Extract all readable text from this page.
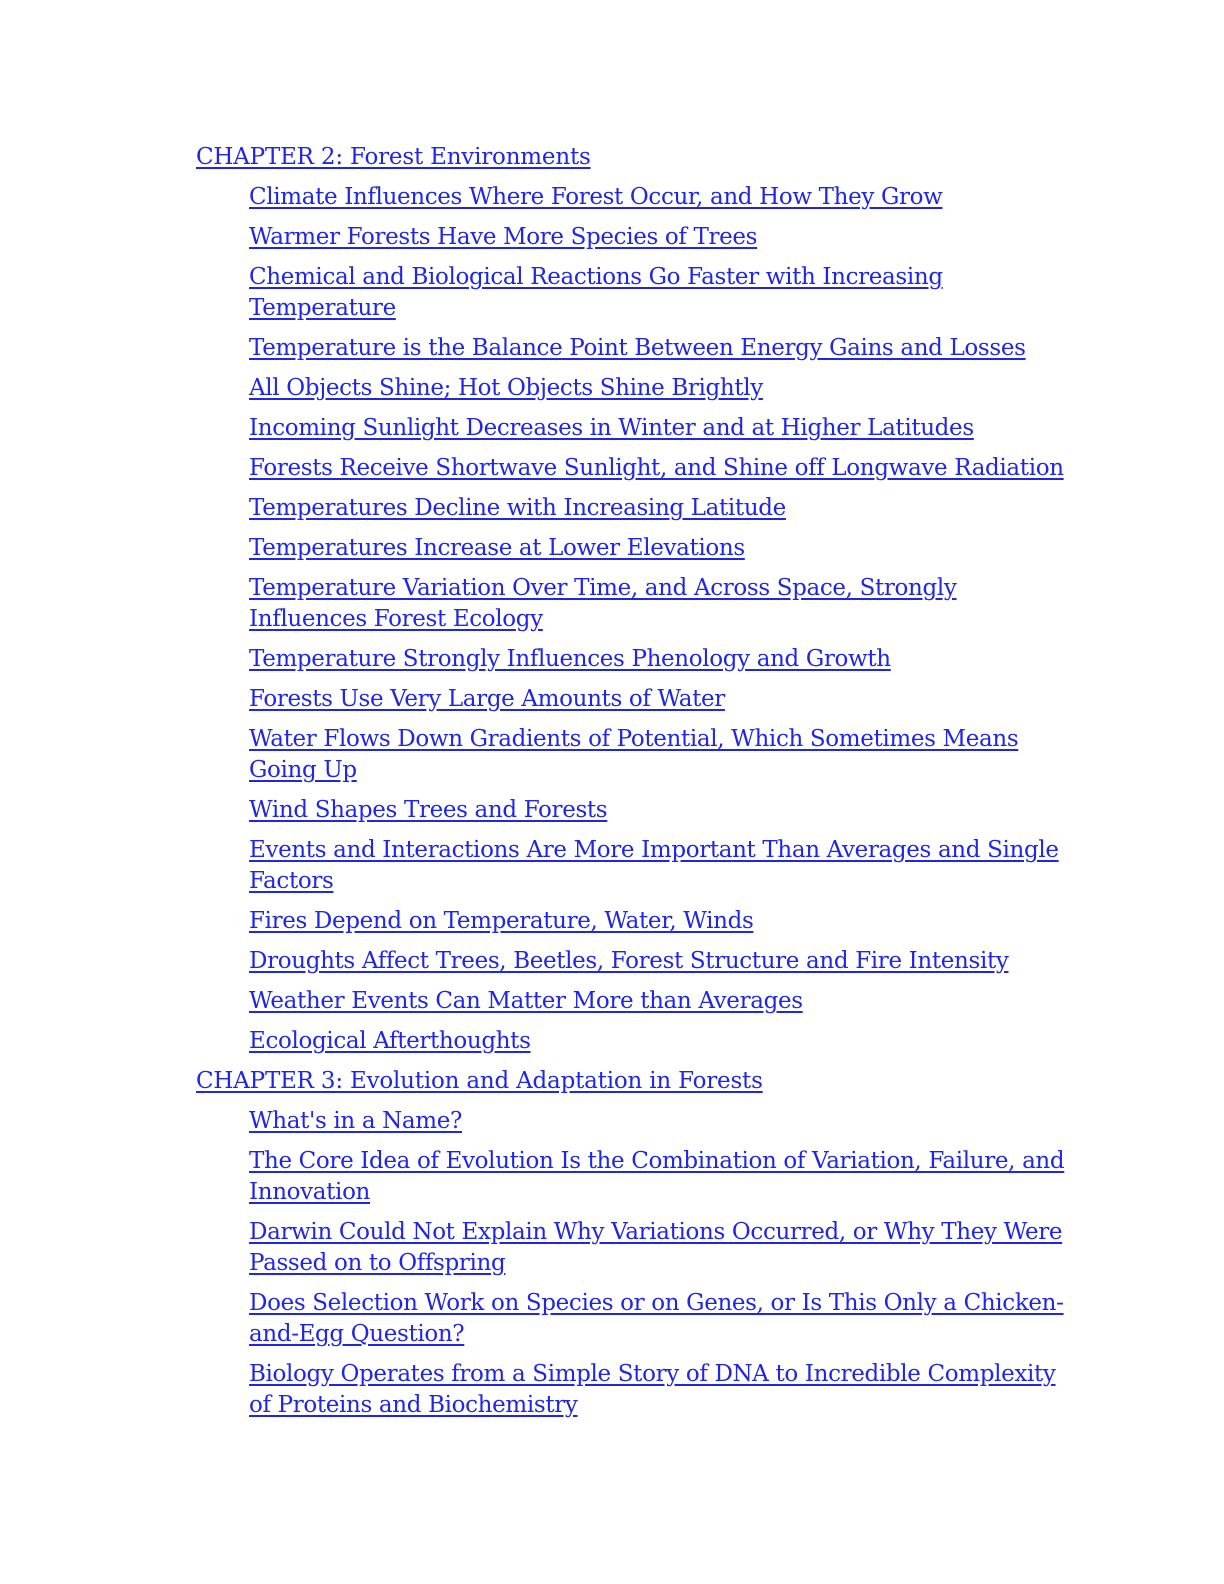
CHAPTER 2: Forest Environments
Climate Influences Where Forest Occur, and How They Grow
Warmer Forests Have More Species of Trees
Chemical and Biological Reactions Go Faster with Increasing Temperature
Temperature is the Balance Point Between Energy Gains and Losses
All Objects Shine; Hot Objects Shine Brightly
Incoming Sunlight Decreases in Winter and at Higher Latitudes
Forests Receive Shortwave Sunlight, and Shine off Longwave Radiation
Temperatures Decline with Increasing Latitude
Temperatures Increase at Lower Elevations
Temperature Variation Over Time, and Across Space, Strongly Influences Forest Ecology
Temperature Strongly Influences Phenology and Growth
Forests Use Very Large Amounts of Water
Water Flows Down Gradients of Potential, Which Sometimes Means Going Up
Wind Shapes Trees and Forests
Events and Interactions Are More Important Than Averages and Single Factors
Fires Depend on Temperature, Water, Winds
Droughts Affect Trees, Beetles, Forest Structure and Fire Intensity
Weather Events Can Matter More than Averages
Ecological Afterthoughts
CHAPTER 3: Evolution and Adaptation in Forests
What's in a Name?
The Core Idea of Evolution Is the Combination of Variation, Failure, and Innovation
Darwin Could Not Explain Why Variations Occurred, or Why They Were Passed on to Offspring
Does Selection Work on Species or on Genes, or Is This Only a Chicken-and-Egg Question?
Biology Operates from a Simple Story of DNA to Incredible Complexity of Proteins and Biochemistry
